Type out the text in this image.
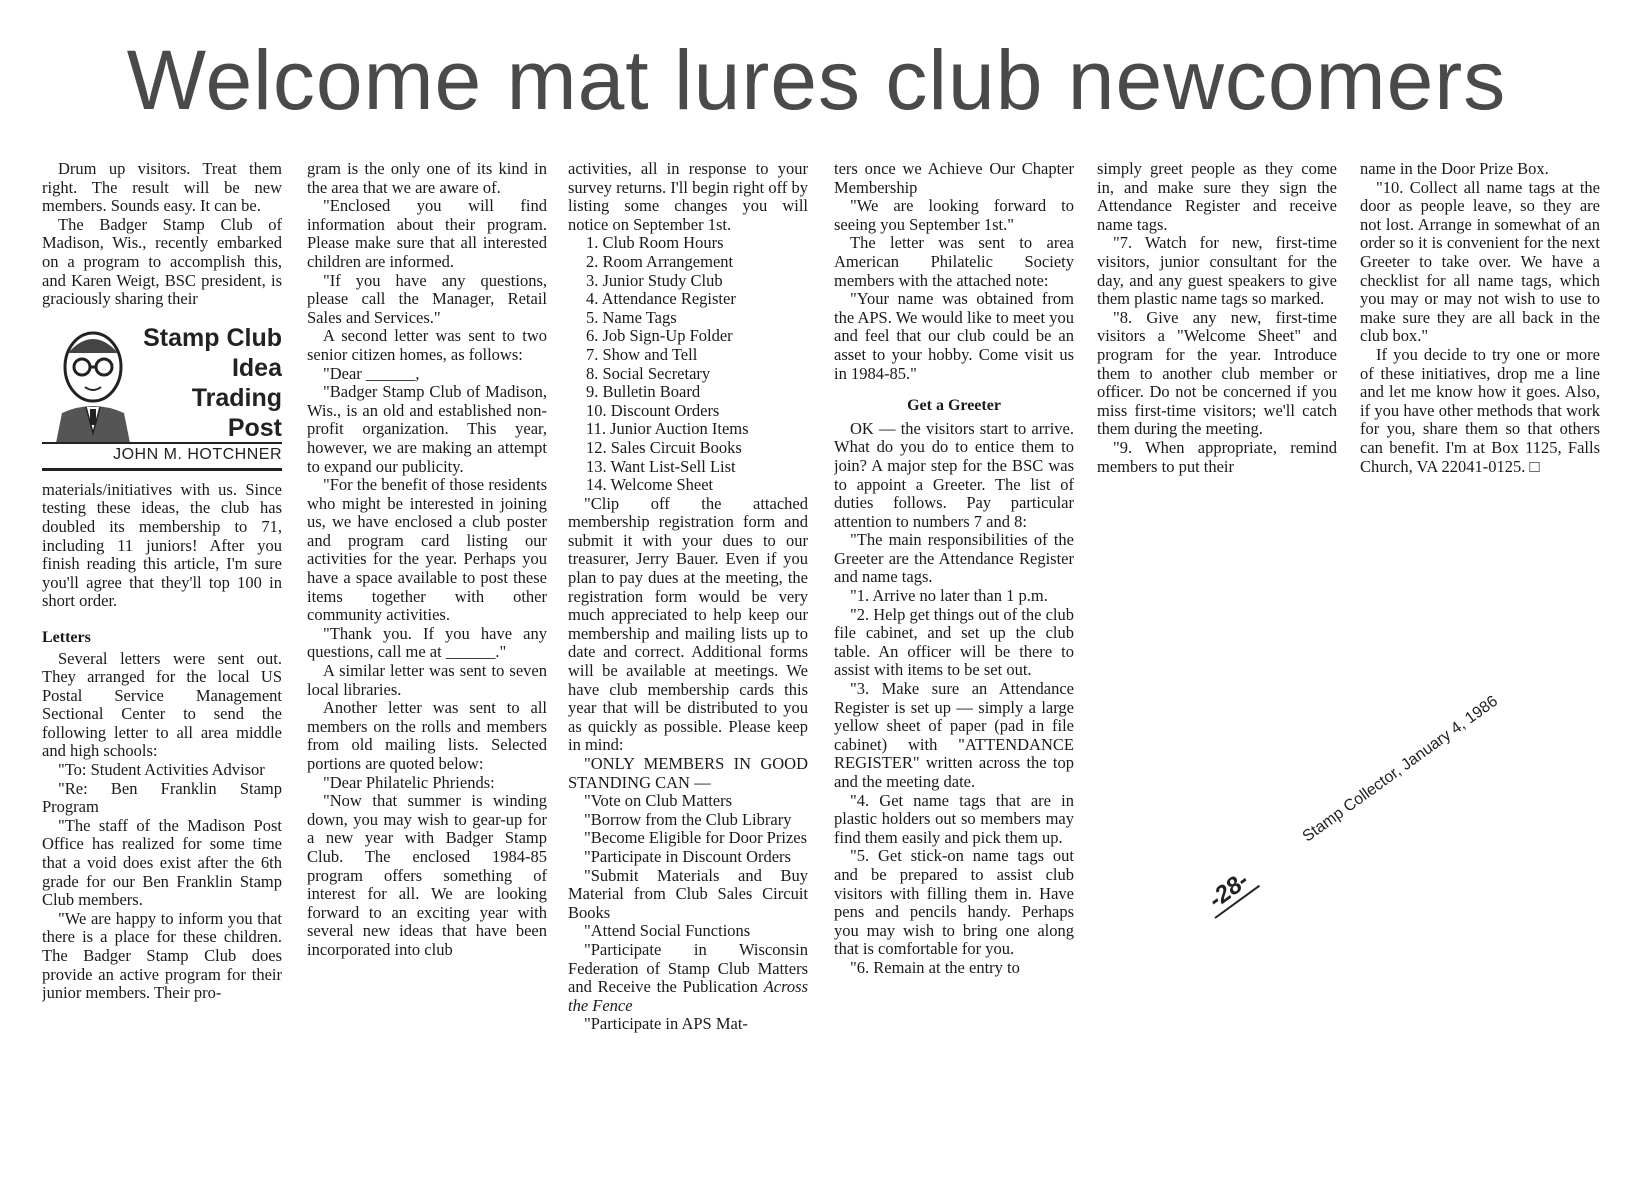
Welcome mat lures club newcomers

Drum up visitors. Treat them right. The result will be new members. Sounds easy. It can be.

The Badger Stamp Club of Madison, Wis., recently embarked on a program to accomplish this, and Karen Weigt, BSC president, is graciously sharing their

Stamp Club
Idea
Trading
Post
JOHN M. HOTCHNER

materials/initiatives with us. Since testing these ideas, the club has doubled its membership to 71, including 11 juniors! After you finish reading this article, I'm sure you'll agree that they'll top 100 in short order.

Letters

Several letters were sent out. They arranged for the local US Postal Service Management Sectional Center to send the following letter to all area middle and high schools:

"To: Student Activities Advisor

"Re: Ben Franklin Stamp Program

"The staff of the Madison Post Office has realized for some time that a void does exist after the 6th grade for our Ben Franklin Stamp Club members.

"We are happy to inform you that there is a place for these children. The Badger Stamp Club does provide an active program for their junior members. Their pro-

gram is the only one of its kind in the area that we are aware of.

"Enclosed you will find information about their program. Please make sure that all interested children are informed.

"If you have any questions, please call the Manager, Retail Sales and Services."

A second letter was sent to two senior citizen homes, as follows:

"Dear ______,

"Badger Stamp Club of Madison, Wis., is an old and established non-profit organization. This year, however, we are making an attempt to expand our publicity.

"For the benefit of those residents who might be interested in joining us, we have enclosed a club poster and program card listing our activities for the year. Perhaps you have a space available to post these items together with other community activities.

"Thank you. If you have any questions, call me at ______."

A similar letter was sent to seven local libraries.

Another letter was sent to all members on the rolls and members from old mailing lists. Selected portions are quoted below:

"Dear Philatelic Phriends:

"Now that summer is winding down, you may wish to gear-up for a new year with Badger Stamp Club. The enclosed 1984-85 program offers something of interest for all. We are looking forward to an exciting year with several new ideas that have been incorporated into club

activities, all in response to your survey returns. I'll begin right off by listing some changes you will notice on September 1st.

1. Club Room Hours

2. Room Arrangement

3. Junior Study Club

4. Attendance Register

5. Name Tags

6. Job Sign-Up Folder

7. Show and Tell

8. Social Secretary

9. Bulletin Board

10. Discount Orders

11. Junior Auction Items

12. Sales Circuit Books

13. Want List-Sell List

14. Welcome Sheet

"Clip off the attached membership registration form and submit it with your dues to our treasurer, Jerry Bauer. Even if you plan to pay dues at the meeting, the registration form would be very much appreciated to help keep our membership and mailing lists up to date and correct. Additional forms will be available at meetings. We have club membership cards this year that will be distributed to you as quickly as possible. Please keep in mind:

"ONLY MEMBERS IN GOOD STANDING CAN —

"Vote on Club Matters

"Borrow from the Club Library

"Become Eligible for Door Prizes

"Participate in Discount Orders

"Submit Materials and Buy Material from Club Sales Circuit Books

"Attend Social Functions

"Participate in Wisconsin Federation of Stamp Club Matters and Receive the Publication Across the Fence

"Participate in APS Mat-

ters once we Achieve Our Chapter Membership

"We are looking forward to seeing you September 1st."

The letter was sent to area American Philatelic Society members with the attached note:

"Your name was obtained from the APS. We would like to meet you and feel that our club could be an asset to your hobby. Come visit us in 1984-85."

Get a Greeter

OK — the visitors start to arrive. What do you do to entice them to join? A major step for the BSC was to appoint a Greeter. The list of duties follows. Pay particular attention to numbers 7 and 8:

"The main responsibilities of the Greeter are the Attendance Register and name tags.

"1. Arrive no later than 1 p.m.

"2. Help get things out of the club file cabinet, and set up the club table. An officer will be there to assist with items to be set out.

"3. Make sure an Attendance Register is set up — simply a large yellow sheet of paper (pad in file cabinet) with "ATTENDANCE REGISTER" written across the top and the meeting date.

"4. Get name tags that are in plastic holders out so members may find them easily and pick them up.

"5. Get stick-on name tags out and be prepared to assist club visitors with filling them in. Have pens and pencils handy. Perhaps you may wish to bring one along that is comfortable for you.

"6. Remain at the entry to

simply greet people as they come in, and make sure they sign the Attendance Register and receive name tags.

"7. Watch for new, first-time visitors, junior consultant for the day, and any guest speakers to give them plastic name tags so marked.

"8. Give any new, first-time visitors a "Welcome Sheet" and program for the year. Introduce them to another club member or officer. Do not be concerned if you miss first-time visitors; we'll catch them during the meeting.

"9. When appropriate, remind members to put their

name in the Door Prize Box.

"10. Collect all name tags at the door as people leave, so they are not lost. Arrange in somewhat of an order so it is convenient for the next Greeter to take over. We have a checklist for all name tags, which you may or may not wish to use to make sure they are all back in the club box."

If you decide to try one or more of these initiatives, drop me a line and let me know how it goes. Also, if you have other methods that work for you, share them so that others can benefit. I'm at Box 1125, Falls Church, VA 22041-0125. □

-28- Stamp Collector, January 4, 1986
